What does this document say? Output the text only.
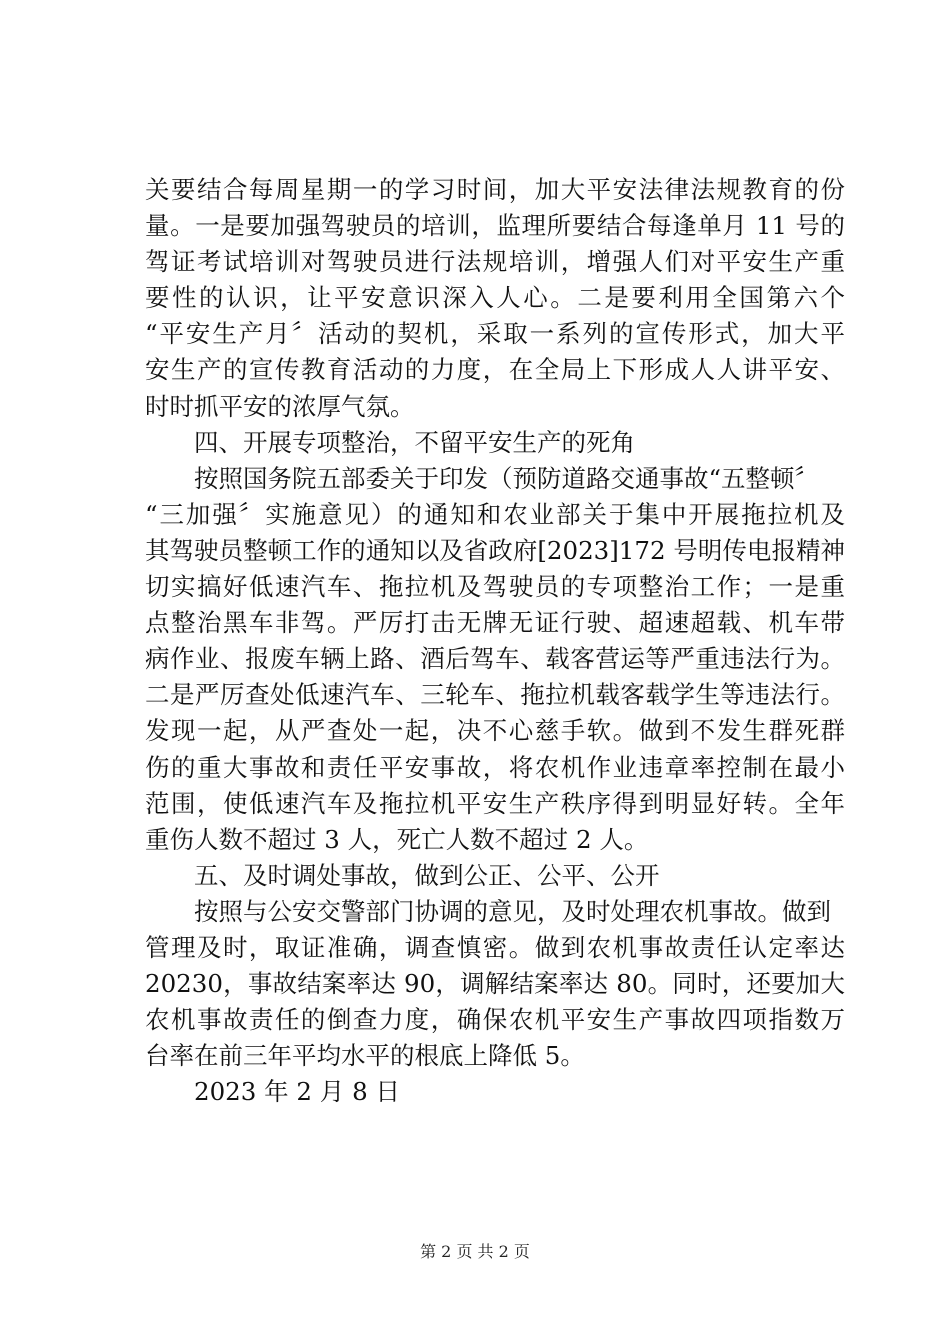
关要结合每周星期一的学习时间，加大平安法律法规教育的份
量。一是要加强驾驶员的培训，监理所要结合每逢单月 11 号的
驾证考试培训对驾驶员进行法规培训，增强人们对平安生产重
要性的认识，让平安意识深入人心。二是要利用全国第六个
“平安生产月〞活动的契机，采取一系列的宣传形式，加大平
安生产的宣传教育活动的力度，在全局上下形成人人讲平安、
时时抓平安的浓厚气氛。
四、开展专项整治，不留平安生产的死角
按照国务院五部委关于印发（预防道路交通事故“五整顿〞
“三加强〞实施意见）的通知和农业部关于集中开展拖拉机及
其驾驶员整顿工作的通知以及省政府[2023]172 号明传电报精神
切实搞好低速汽车、拖拉机及驾驶员的专项整治工作；一是重
点整治黑车非驾。严厉打击无牌无证行驶、超速超载、机车带
病作业、报废车辆上路、酒后驾车、载客营运等严重违法行为。
二是严厉查处低速汽车、三轮车、拖拉机载客载学生等违法行。
发现一起，从严查处一起，决不心慈手软。做到不发生群死群
伤的重大事故和责任平安事故，将农机作业违章率控制在最小
范围，使低速汽车及拖拉机平安生产秩序得到明显好转。全年
重伤人数不超过 3 人，死亡人数不超过 2 人。
五、及时调处事故，做到公正、公平、公开
按照与公安交警部门协调的意见，及时处理农机事故。做到
管理及时，取证准确，调查慎密。做到农机事故责任认定率达
20230，事故结案率达 90，调解结案率达 80。同时，还要加大
农机事故责任的倒查力度，确保农机平安生产事故四项指数万
台率在前三年平均水平的根底上降低 5。
2023 年 2 月 8 日
第 2 页 共 2 页
